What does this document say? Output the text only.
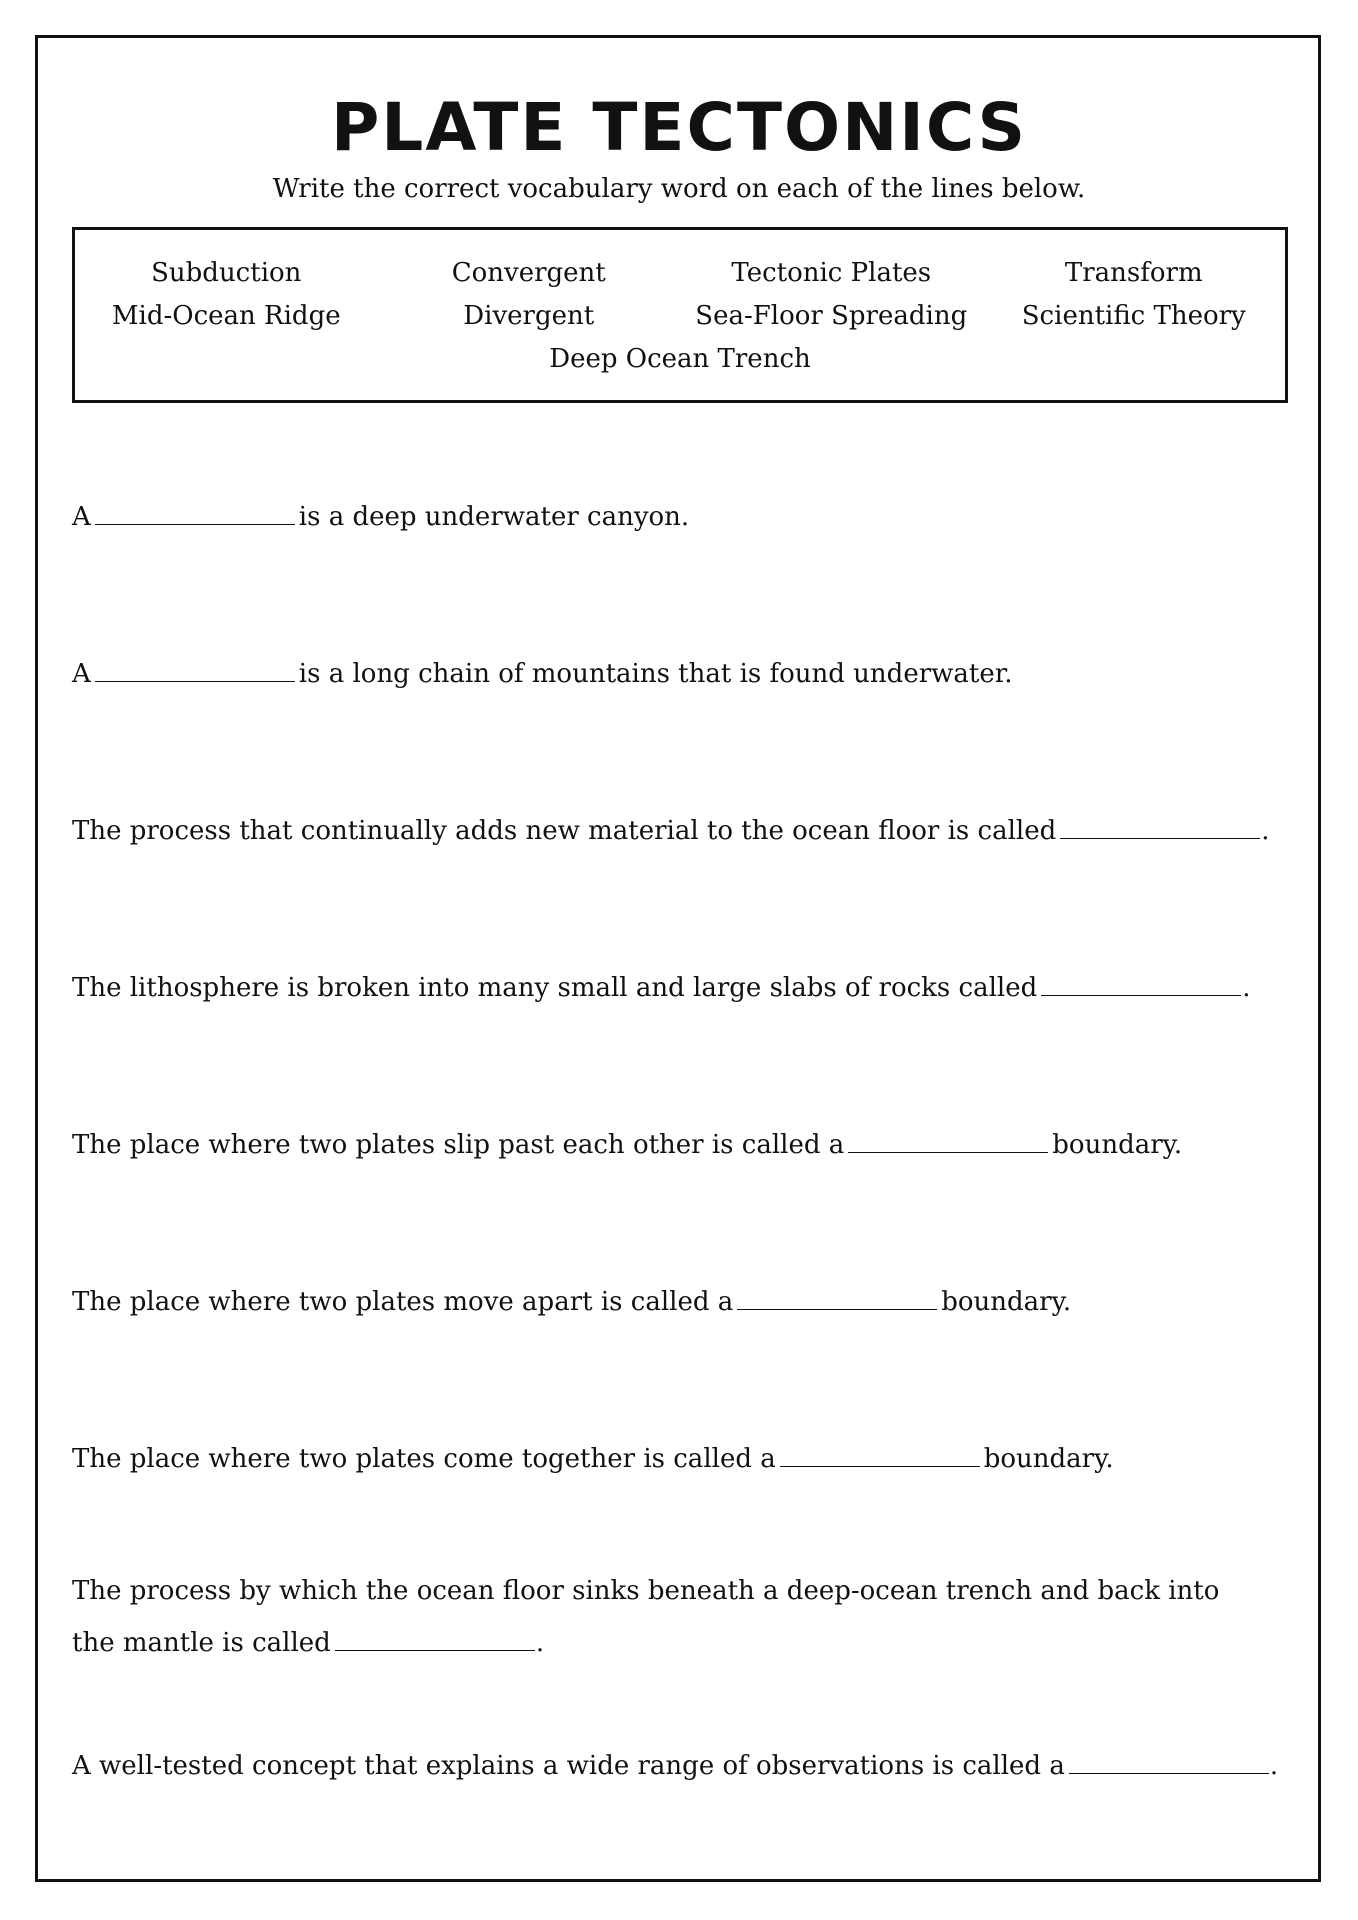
PLATE TECTONICS
Write the correct vocabulary word on each of the lines below.
Subduction	Convergent	Tectonic Plates	Transform
Mid-Ocean Ridge	Divergent	Sea-Floor Spreading	Scientific Theory
Deep Ocean Trench
A	is a deep underwater canyon.
A	is a long chain of mountains that is found underwater.
The process that continually adds new material to the ocean floor is called	.
The lithosphere is broken into many small and large slabs of rocks called	.
The place where two plates slip past each other is called a	boundary.
The place where two plates move apart is called a	boundary.
The place where two plates come together is called a	boundary.
The process by which the ocean floor sinks beneath a deep-ocean trench and back into the mantle is called	.
A well-tested concept that explains a wide range of observations is called a	.
